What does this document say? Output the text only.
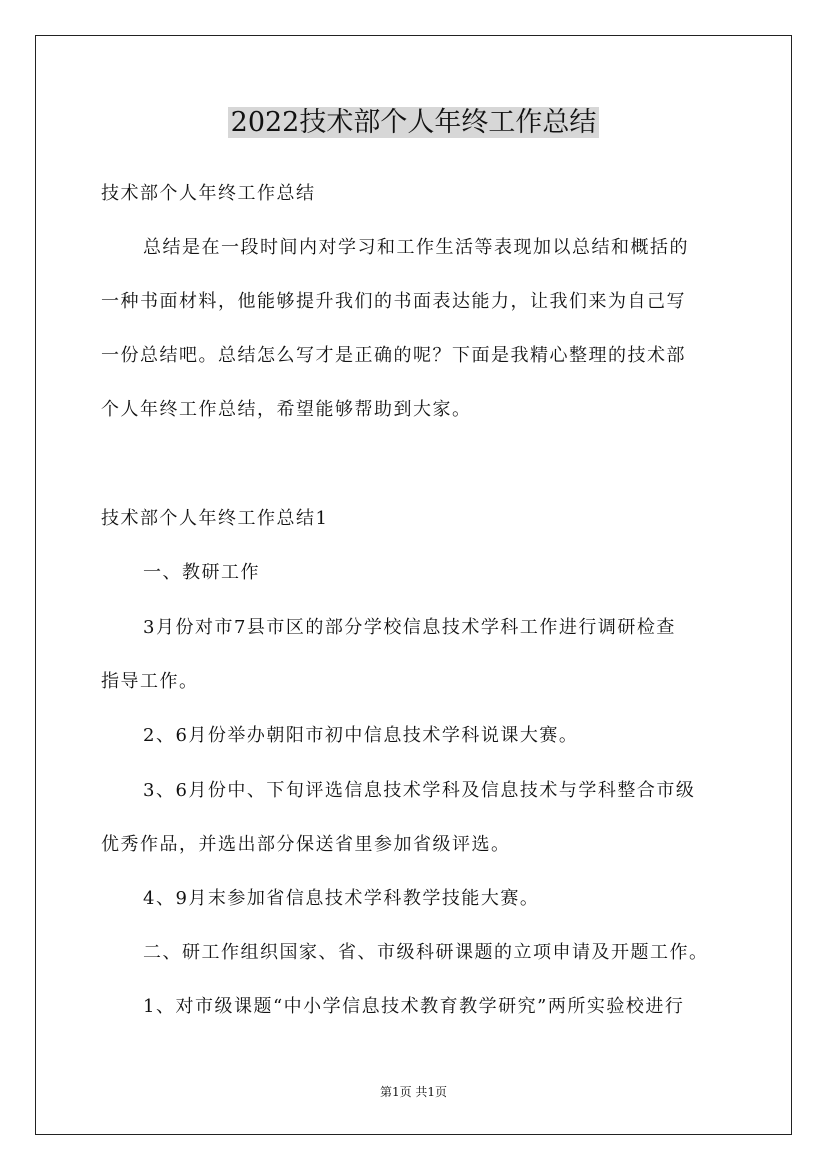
2022技术部个人年终工作总结
技术部个人年终工作总结
总结是在一段时间内对学习和工作生活等表现加以总结和概括的
一种书面材料，他能够提升我们的书面表达能力，让我们来为自己写
一份总结吧。总结怎么写才是正确的呢？下面是我精心整理的技术部
个人年终工作总结，希望能够帮助到大家。
技术部个人年终工作总结1
一、教研工作
3月份对市7县市区的部分学校信息技术学科工作进行调研检查
指导工作。
2、6月份举办朝阳市初中信息技术学科说课大赛。
3、6月份中、下旬评选信息技术学科及信息技术与学科整合市级
优秀作品，并选出部分保送省里参加省级评选。
4、9月末参加省信息技术学科教学技能大赛。
二、研工作组织国家、省、市级科研课题的立项申请及开题工作。
1、对市级课题“中小学信息技术教育教学研究”两所实验校进行
第1页 共1页
